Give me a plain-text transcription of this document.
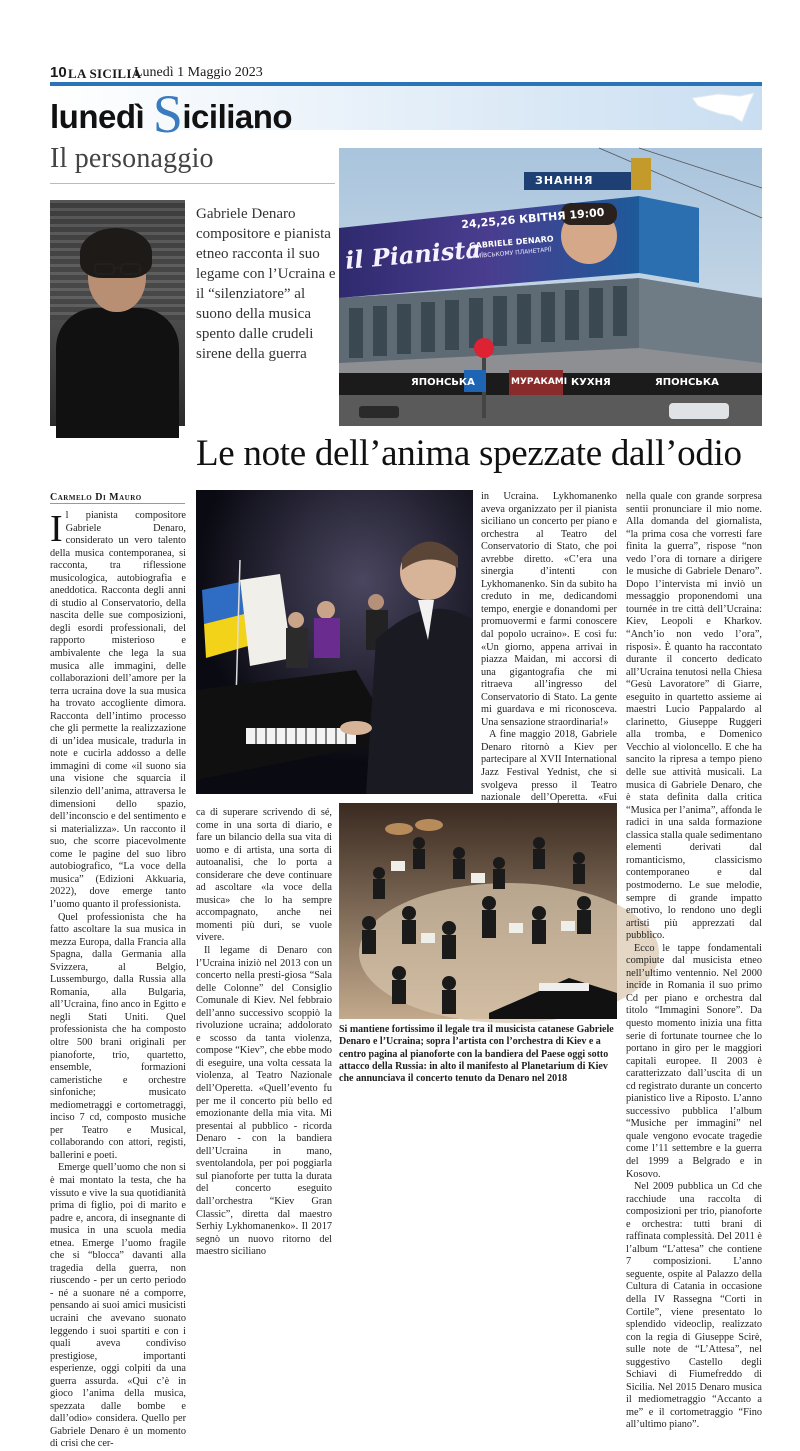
10 LA SICILIA
Lunedì 1 Maggio 2023
lunedì Siciliano
Il personaggio
Gabriele Denaro compositore e pianista etneo racconta il suo legame con l’Ucraina e il “silenziatore” al suono della musica spento dalle crudeli sirene della guerra
ЗНАННЯ
il Pianista
24,25,26 КВІТНЯ 19:00
GABRIELE DENARO
У КИЇВСЬКОМУ ПЛАНЕТАРІЇ
ЯПОНСЬКА	МУРАКАМІ КУХНЯ	ЯПОНСЬКА
Le note dell’anima spezzate dall’odio
Carmelo Di Mauro

Il pianista compositore Gabriele Denaro, considerato un vero talento della musica contemporanea, si racconta, tra riflessione musicologica, autobiografia e aneddotica. Racconta degli anni di studio al Conservatorio, della nascita delle sue composizioni, degli esordi professionali, del rapporto misterioso e ambivalente che lega la sua musica alle immagini, delle collaborazioni dell’amore per la terra ucraina dove la sua musica ha trovato accogliente dimora. Racconta dell’intimo processo che gli permette la realizzazione di un’idea musicale, tradurla in note e cucirla addosso a delle immagini di come «il suono sia una visione che squarcia il silenzio dell’anima, attraversa le dimensioni dello spazio, dell’inconscio e del sentimento e si materializza». Un racconto il suo, che scorre piacevolmente come le pagine del suo libro autobiografico, “La voce della musica” (Edizioni Akkuaria, 2022), dove emerge tanto l’uomo quanto il professionista.

Quel professionista che ha fatto ascoltare la sua musica in mezza Europa, dalla Francia alla Spagna, dalla Germania alla Svizzera, al Belgio, Lussemburgo, dalla Russia alla Romania, alla Bulgaria, all’Ucraina, fino anco in Egitto e negli Stati Uniti. Quel professionista che ha composto oltre 500 brani originali per pianoforte, trio, quartetto, ensemble, formazioni cameristiche e orchestre sinfoniche; musicato mediometraggi e cortometraggi, inciso 7 cd, composto musiche per Teatro e Musical, collaborando con attori, registi, ballerini e poeti.

Emerge quell’uomo che non si è mai montato la testa, che ha vissuto e vive la sua quotidianità prima di figlio, poi di marito e padre e, ancora, di insegnante di musica in una scuola media etnea. Emerge l’uomo fragile che si “blocca” davanti alla tragedia della guerra, non riuscendo - per un certo periodo - né a suonare né a comporre, pensando ai suoi amici musicisti ucraini che avevano suonato leggendo i suoi spartiti e con i quali aveva condiviso prestigiose, importanti esperienze, oggi colpiti da una guerra assurda. «Qui c’è in gioco l’anima della musica, spezzata dalle bombe e dall’odio» considera. Quello per Gabriele Denaro è un momento di crisi che cer-

ca di superare scrivendo di sé, come in una sorta di diario, e fare un bilancio della sua vita di uomo e di artista, una sorta di autoanalisi, che lo porta a considerare che deve continuare ad ascoltare «la voce della musica» che lo ha sempre accompagnato, anche nei momenti più duri, se vuole vivere.

Il legame di Denaro con l’Ucraina iniziò nel 2013 con un concerto nella presti-giosa “Sala delle Colonne” del Consiglio Comunale di Kiev. Nel febbraio dell’anno successivo scoppiò la rivoluzione ucraina; addolorato e scosso da tanta violenza, compose “Kiev”, che ebbe modo di eseguire, una volta cessata la violenza, al Teatro Nazionale dell’Operetta. «Quell’evento fu per me il concerto più bello ed emozionante della mia vita. Mi presentai al pubblico - ricorda Denaro - con la bandiera dell’Ucraina in mano, sventolandola, per poi poggiarla sul pianoforte per tutta la durata del concerto eseguito dall’orchestra “Kiev Gran Classic”, diretta dal maestro Serhiy Lykhomanenko». Il 2017 segnò un nuovo ritorno del maestro siciliano

in Ucraina. Lykhomanenko aveva organizzato per il pianista siciliano un concerto per piano e orchestra al Teatro del Conservatorio di Stato, che poi avrebbe diretto. «C’era una sinergia d’intenti con Lykhomanenko. Sin da subito ha creduto in me, dedicandomi tempo, energie e donandomi per promuovermi e farmi conoscere dal popolo ucraino». E così fu: «Un giorno, appena arrivai in piazza Maidan, mi accorsi di una gigantografia che mi ritraeva all’ingresso del Conservatorio di Stato. La gente mi guardava e mi riconosceva. Una sensazione straordinaria!»

A fine maggio 2018, Gabriele Denaro ritornò a Kiev per partecipare al XVII International Jazz Festival Yednist, che si svolgeva presso il Teatro nazionale dell’Operetta. «Fui

Si mantiene fortissimo il legale tra il musicista catanese Gabriele Denaro e l’Ucraina; sopra l’artista con l’orchestra di Kiev e a centro pagina al pianoforte con la bandiera del Paese oggi sotto attacco della Russia: in alto il manifesto al Planetarium di Kiev che annunciava il concerto tenuto da Denaro nel 2018

nella quale con grande sorpresa sentii pronunciare il mio nome. Alla domanda del giornalista, “la prima cosa che vorresti fare finita la guerra”, rispose “non vedo l’ora di tornare a dirigere le musiche di Gabriele Denaro”. Dopo l’intervista mi inviò un messaggio proponendomi una tournée in tre città dell’Ucraina: Kiev, Leopoli e Kharkov. “Anch’io non vedo l’ora”, risposi». È quanto ha raccontato durante il concerto dedicato all’Ucraina tenutosi nella Chiesa “Gesù Lavoratore” di Giarre, eseguito in quartetto assieme ai maestri Lucio Pappalardo al clarinetto, Giuseppe Ruggeri alla tromba, e Domenico Vecchio al violoncello. E che ha sancito la ripresa a tempo pieno delle sue attività musicali. La musica di Gabriele Denaro, che è stata definita dalla critica “Musica per l’anima”, affonda le radici in una salda formazione classica stalla quale sedimentano elementi derivati dal romanticismo, classicismo contemporaneo e dal postmoderno. Le sue melodie, sempre di grande impatto emotivo, lo rendono uno degli artisti più apprezzati dal pubblico.

Ecco le tappe fondamentali compiute dal musicista etneo nell’ultimo ventennio. Nel 2000 incide in Romania il suo primo Cd per piano e orchestra dal titolo “Immagini Sonore”. Da questo momento inizia una fitta serie di fortunate tournee che lo portano in giro per le maggiori capitali europee. Il 2003 è caratterizzato dall’uscita di un cd registrato durante un concerto pianistico live a Riposto. L’anno successivo pubblica l’album “Musiche per immagini” nel quale vengono evocate tragedie come l’11 settembre e la guerra del 1999 a Belgrado e in Kosovo.

Nel 2009 pubblica un Cd che racchiude una raccolta di composizioni per trio, pianoforte e orchestra: tutti brani di raffinata complessità. Del 2011 è l’album “L’attesa” che contiene 7 composizioni. L’anno seguente, ospite al Palazzo della Cultura di Catania in occasione della IV Rassegna “Corti in Cortile”, viene presentato lo splendido videoclip, realizzato con la regia di Giuseppe Scirè, sulle note de “L’Attesa”, nel suggestivo Castello degli Schiavi di Fiumefreddo di Sicilia. Nel 2015 Denaro musica il mediometraggio “Accanto a me” e il cortometraggio “Fino all’ultimo piano”.
